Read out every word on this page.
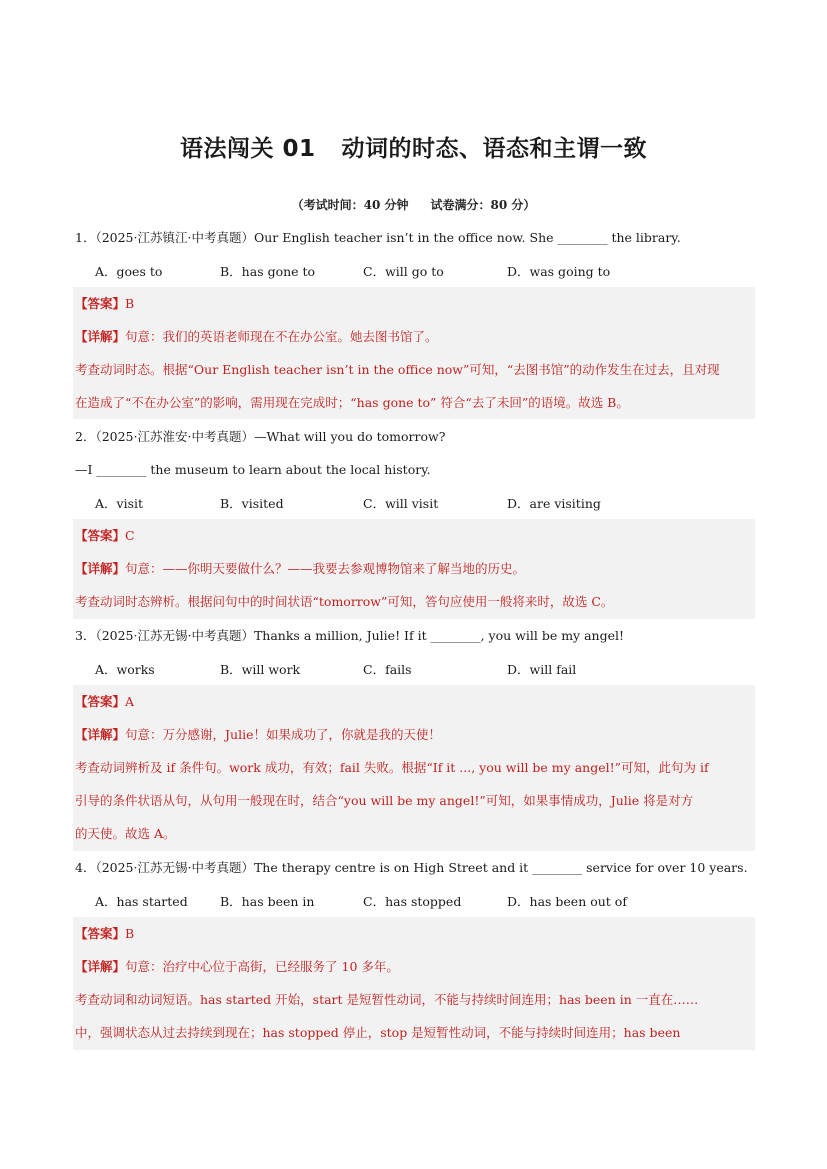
语法闯关 01 动词的时态、语态和主谓一致
（考试时间：40 分钟 试卷满分：80 分）
1．（2025·江苏镇江·中考真题）Our English teacher isn’t in the office now. She ________ the library.
A．goes to	B．has gone to	C．will go to	D．was going to
【答案】B
【详解】句意：我们的英语老师现在不在办公室。她去图书馆了。
考查动词时态。根据“Our English teacher isn’t in the office now”可知，“去图书馆”的动作发生在过去，且对现
在造成了“不在办公室”的影响，需用现在完成时；“has gone to” 符合“去了未回”的语境。故选 B。
2．（2025·江苏淮安·中考真题）—What will you do tomorrow?
—I ________ the museum to learn about the local history.
A．visit	B．visited	C．will visit	D．are visiting
【答案】C
【详解】句意：——你明天要做什么？——我要去参观博物馆来了解当地的历史。
考查动词时态辨析。根据问句中的时间状语“tomorrow”可知，答句应使用一般将来时，故选 C。
3．（2025·江苏无锡·中考真题）Thanks a million, Julie! If it ________, you will be my angel!
A．works	B．will work	C．fails	D．will fail
【答案】A
【详解】句意：万分感谢，Julie！如果成功了，你就是我的天使！
考查动词辨析及 if 条件句。work 成功，有效；fail 失败。根据“If it ..., you will be my angel!”可知，此句为 if
引导的条件状语从句，从句用一般现在时，结合“you will be my angel!”可知，如果事情成功，Julie 将是对方
的天使。故选 A。
4．（2025·江苏无锡·中考真题）The therapy centre is on High Street and it ________ service for over 10 years.
A．has started	B．has been in	C．has stopped	D．has been out of
【答案】B
【详解】句意：治疗中心位于高街，已经服务了 10 多年。
考查动词和动词短语。has started 开始，start 是短暂性动词，不能与持续时间连用；has been in 一直在……
中，强调状态从过去持续到现在；has stopped 停止，stop 是短暂性动词，不能与持续时间连用；has been
